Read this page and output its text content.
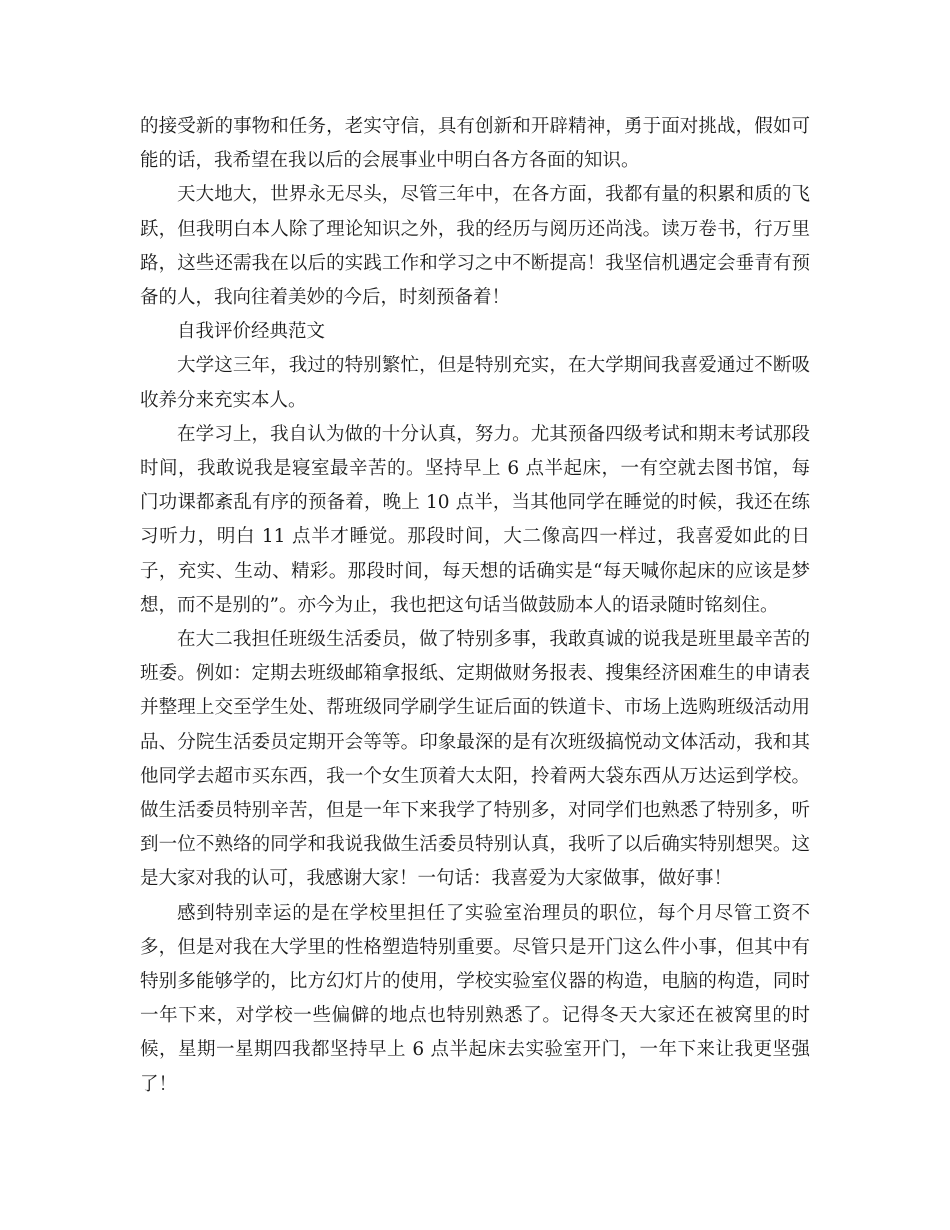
的接受新的事物和任务，老实守信，具有创新和开辟精神，勇于面对挑战，假如可能的话，我希望在我以后的会展事业中明白各方各面的知识。

天大地大，世界永无尽头，尽管三年中，在各方面，我都有量的积累和质的飞跃，但我明白本人除了理论知识之外，我的经历与阅历还尚浅。读万卷书，行万里路，这些还需我在以后的实践工作和学习之中不断提高！我坚信机遇定会垂青有预备的人，我向往着美妙的今后，时刻预备着！

自我评价经典范文

大学这三年，我过的特别繁忙，但是特别充实，在大学期间我喜爱通过不断吸收养分来充实本人。

在学习上，我自认为做的十分认真，努力。尤其预备四级考试和期末考试那段时间，我敢说我是寝室最辛苦的。坚持早上 6 点半起床，一有空就去图书馆，每门功课都紊乱有序的预备着，晚上 10 点半，当其他同学在睡觉的时候，我还在练习听力，明白 11 点半才睡觉。那段时间，大二像高四一样过，我喜爱如此的日子，充实、生动、精彩。那段时间，每天想的话确实是“每天喊你起床的应该是梦想，而不是别的”。亦今为止，我也把这句话当做鼓励本人的语录随时铭刻住。

在大二我担任班级生活委员，做了特别多事，我敢真诚的说我是班里最辛苦的班委。例如：定期去班级邮箱拿报纸、定期做财务报表、搜集经济困难生的申请表并整理上交至学生处、帮班级同学刷学生证后面的铁道卡、市场上选购班级活动用品、分院生活委员定期开会等等。印象最深的是有次班级搞悦动文体活动，我和其他同学去超市买东西，我一个女生顶着大太阳，拎着两大袋东西从万达运到学校。做生活委员特别辛苦，但是一年下来我学了特别多，对同学们也熟悉了特别多，听到一位不熟络的同学和我说我做生活委员特别认真，我听了以后确实特别想哭。这是大家对我的认可，我感谢大家！一句话：我喜爱为大家做事，做好事！

感到特别幸运的是在学校里担任了实验室治理员的职位，每个月尽管工资不多，但是对我在大学里的性格塑造特别重要。尽管只是开门这么件小事，但其中有特别多能够学的，比方幻灯片的使用，学校实验室仪器的构造，电脑的构造，同时一年下来，对学校一些偏僻的地点也特别熟悉了。记得冬天大家还在被窝里的时候，星期一星期四我都坚持早上 6 点半起床去实验室开门，一年下来让我更坚强了！
